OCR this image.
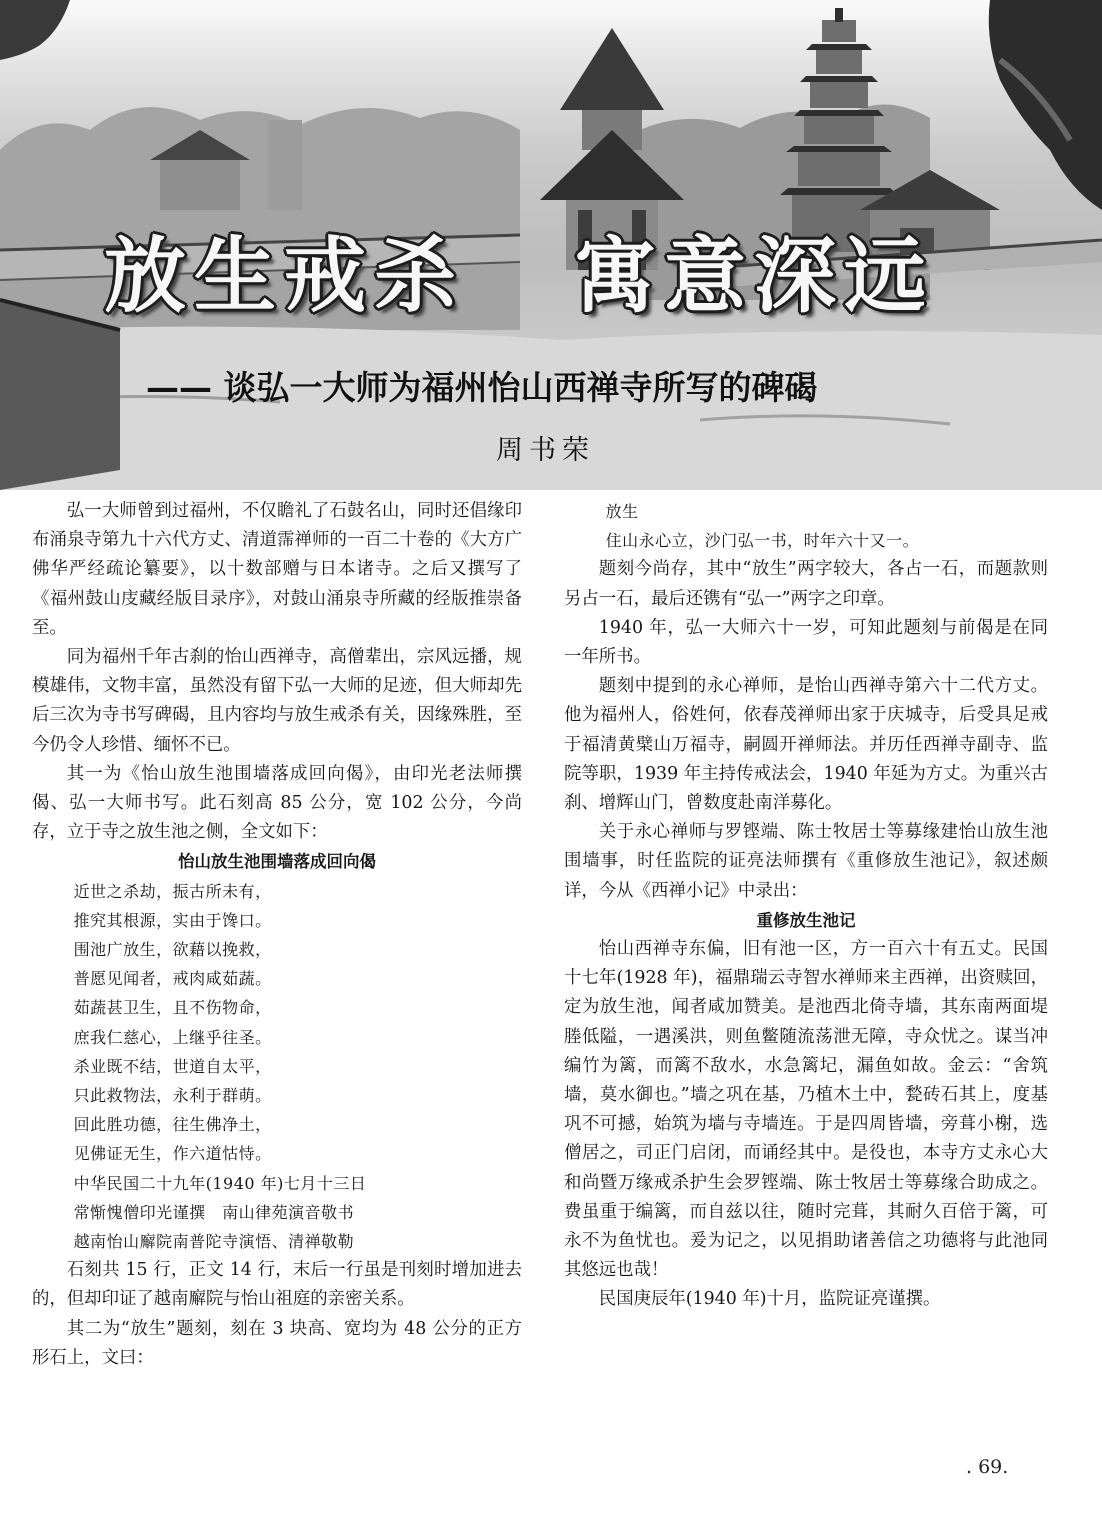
放生戒杀 寓意深远
—— 谈弘一大师为福州怡山西禅寺所写的碑碣
周书荣

弘一大师曾到过福州，不仅瞻礼了石鼓名山，同时还倡缘印布涌泉寺第九十六代方丈、清道霈禅师的一百二十卷的《大方广佛华严经疏论纂要》，以十数部赠与日本诸寺。之后又撰写了《福州鼓山庋藏经版目录序》，对鼓山涌泉寺所藏的经版推崇备至。

同为福州千年古刹的怡山西禅寺，高僧辈出，宗风远播，规模雄伟，文物丰富，虽然没有留下弘一大师的足迹，但大师却先后三次为寺书写碑碣，且内容均与放生戒杀有关，因缘殊胜，至今仍令人珍惜、缅怀不已。

其一为《怡山放生池围墙落成回向偈》，由印光老法师撰偈、弘一大师书写。此石刻高 85 公分，宽 102 公分，今尚存，立于寺之放生池之侧，全文如下：

怡山放生池围墙落成回向偈

近世之杀劫，振古所未有，

推究其根源，实由于馋口。

围池广放生，欲藉以挽救，

普愿见闻者，戒肉咸茹蔬。

茹蔬甚卫生，且不伤物命，

庶我仁慈心，上继乎往圣。

杀业既不结，世道自太平，

只此救物法，永利于群萌。

回此胜功德，往生佛净土，

见佛证无生，作六道怙恃。

中华民国二十九年(1940 年)七月十三日

常惭愧僧印光谨撰　南山律苑演音敬书

越南怡山廨院南普陀寺演悟、清禅敬勒

石刻共 15 行，正文 14 行，末后一行虽是刊刻时增加进去的，但却印证了越南廨院与怡山祖庭的亲密关系。

其二为“放生”题刻，刻在 3 块高、宽均为 48 公分的正方形石上，文曰：

放生

住山永心立，沙门弘一书，时年六十又一。

题刻今尚存，其中“放生”两字较大，各占一石，而题款则另占一石，最后还镌有“弘一”两字之印章。

1940 年，弘一大师六十一岁，可知此题刻与前偈是在同一年所书。

题刻中提到的永心禅师，是怡山西禅寺第六十二代方丈。他为福州人，俗姓何，依春茂禅师出家于庆城寺，后受具足戒于福清黄檗山万福寺，嗣圆开禅师法。并历任西禅寺副寺、监院等职，1939 年主持传戒法会，1940 年延为方丈。为重兴古刹、增辉山门，曾数度赴南洋募化。

关于永心禅师与罗铿端、陈士牧居士等募缘建怡山放生池围墙事，时任监院的证亮法师撰有《重修放生池记》，叙述颇详，今从《西禅小记》中录出：

重修放生池记

怡山西禅寺东偏，旧有池一区，方一百六十有五丈。民国十七年(1928 年)，福鼎瑞云寺智水禅师来主西禅，出资赎回，定为放生池，闻者咸加赞美。是池西北倚寺墙，其东南两面堤塍低隘，一遇溪洪，则鱼鳖随流荡泄无障，寺众忧之。谋当冲编竹为篱，而篱不敌水，水急篱圮，漏鱼如故。金云：“舍筑墙，莫水御也。”墙之巩在基，乃植木土中，甃砖石其上，度基巩不可撼，始筑为墙与寺墙连。于是四周皆墙，旁葺小榭，选僧居之，司正门启闭，而诵经其中。是役也，本寺方丈永心大和尚暨万缘戒杀护生会罗铿端、陈士牧居士等募缘合助成之。费虽重于编篱，而自兹以往，随时完葺，其耐久百倍于篱，可永不为鱼忧也。爰为记之，以见捐助诸善信之功德将与此池同其悠远也哉！

民国庚辰年(1940 年)十月，监院证亮谨撰。

. 69.
